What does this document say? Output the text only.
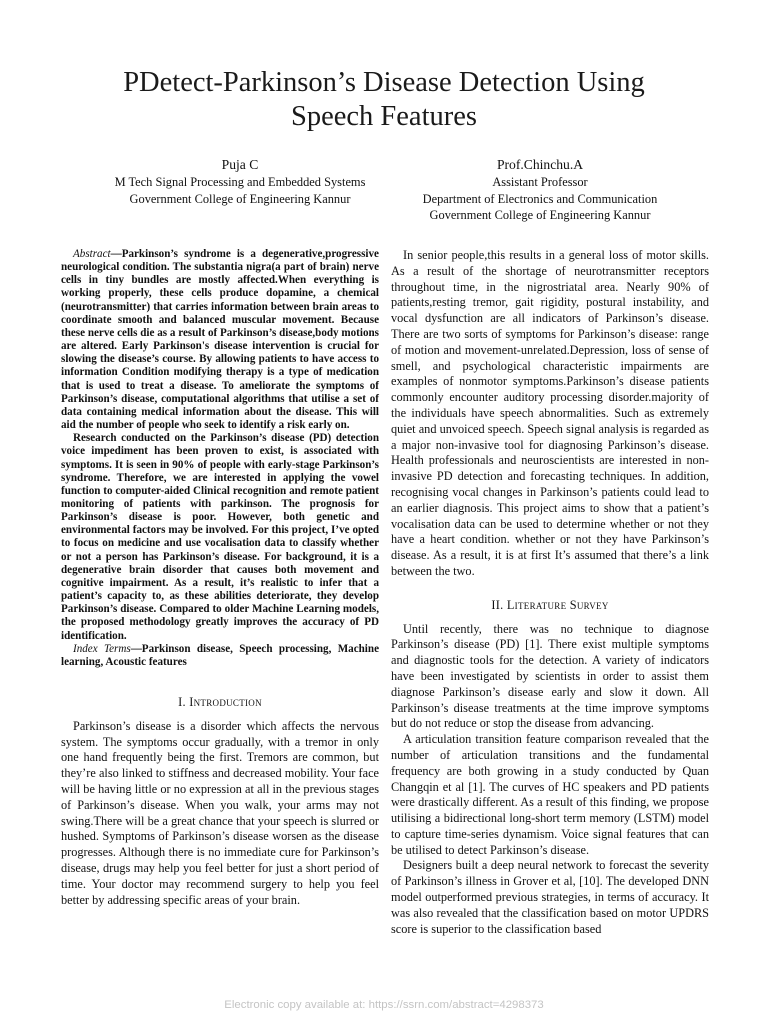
PDetect-Parkinson’s Disease Detection Using
Speech Features
Puja C
M Tech Signal Processing and Embedded Systems
Government College of Engineering Kannur
Prof.Chinchu.A
Assistant Professor
Department of Electronics and Communication
Government College of Engineering Kannur

Abstract—Parkinson’s syndrome is a degenerative,progressive neurological condition. The substantia nigra(a part of brain) nerve cells in tiny bundles are mostly affected.When everything is working properly, these cells produce dopamine, a chemical (neurotransmitter) that carries information between brain areas to coordinate smooth and balanced muscular movement. Because these nerve cells die as a result of Parkinson’s disease,body motions are altered. Early Parkinson's disease intervention is crucial for slowing the disease’s course. By allowing patients to have access to information Condition modifying therapy is a type of medication that is used to treat a disease. To ameliorate the symptoms of Parkinson’s disease, computational algorithms that utilise a set of data containing medical information about the disease. This will aid the number of people who seek to identify a risk early on.

Research conducted on the Parkinson’s disease (PD) detection voice impediment has been proven to exist, is associated with symptoms. It is seen in 90% of people with early-stage Parkinson’s syndrome. Therefore, we are interested in applying the vowel function to computer-aided Clinical recognition and remote patient monitoring of patients with parkinson. The prognosis for Parkinson’s disease is poor. However, both genetic and environmental factors may be involved. For this project, I’ve opted to focus on medicine and use vocalisation data to classify whether or not a person has Parkinson’s disease. For background, it is a degenerative brain disorder that causes both movement and cognitive impairment. As a result, it’s realistic to infer that a patient’s capacity to, as these abilities deteriorate, they develop Parkinson’s disease. Compared to older Machine Learning models, the proposed methodology greatly improves the accuracy of PD identification.

Index Terms—Parkinson disease, Speech processing, Machine learning, Acoustic features

I. Introduction

Parkinson’s disease is a disorder which affects the nervous system. The symptoms occur gradually, with a tremor in only one hand frequently being the first. Tremors are common, but they’re also linked to stiffness and decreased mobility. Your face will be having little or no expression at all in the previous stages of Parkinson’s disease. When you walk, your arms may not swing.There will be a great chance that your speech is slurred or hushed. Symptoms of Parkinson’s disease worsen as the disease progresses. Although there is no immediate cure for Parkinson’s disease, drugs may help you feel better for just a short period of time. Your doctor may recommend surgery to help you feel better by addressing specific areas of your brain.

In senior people,this results in a general loss of motor skills. As a result of the shortage of neurotransmitter receptors throughout time, in the nigrostriatal area. Nearly 90% of patients,resting tremor, gait rigidity, postural instability, and vocal dysfunction are all indicators of Parkinson’s disease. There are two sorts of symptoms for Parkinson’s disease: range of motion and movement-unrelated.Depression, loss of sense of smell, and psychological characteristic impairments are examples of nonmotor symptoms.Parkinson’s disease patients commonly encounter auditory processing disorder.majority of the individuals have speech abnormalities. Such as extremely quiet and unvoiced speech. Speech signal analysis is regarded as a major non-invasive tool for diagnosing Parkinson’s disease. Health professionals and neuroscientists are interested in non-invasive PD detection and forecasting techniques. In addition, recognising vocal changes in Parkinson’s patients could lead to an earlier diagnosis. This project aims to show that a patient’s vocalisation data can be used to determine whether or not they have a heart condition. whether or not they have Parkinson’s disease. As a result, it is at first It’s assumed that there’s a link between the two.

II. Literature Survey

Until recently, there was no technique to diagnose Parkinson’s disease (PD) [1]. There exist multiple symptoms and diagnostic tools for the detection. A variety of indicators have been investigated by scientists in order to assist them diagnose Parkinson’s disease early and slow it down. All Parkinson’s disease treatments at the time improve symptoms but do not reduce or stop the disease from advancing.

A articulation transition feature comparison revealed that the number of articulation transitions and the fundamental frequency are both growing in a study conducted by Quan Changqin et al [1]. The curves of HC speakers and PD patients were drastically different. As a result of this finding, we propose utilising a bidirectional long-short term memory (LSTM) model to capture time-series dynamism. Voice signal features that can be utilised to detect Parkinson’s disease.

Designers built a deep neural network to forecast the severity of Parkinson’s illness in Grover et al, [10]. The developed DNN model outperformed previous strategies, in terms of accuracy. It was also revealed that the classification based on motor UPDRS score is superior to the classification based

Electronic copy available at: https://ssrn.com/abstract=4298373
